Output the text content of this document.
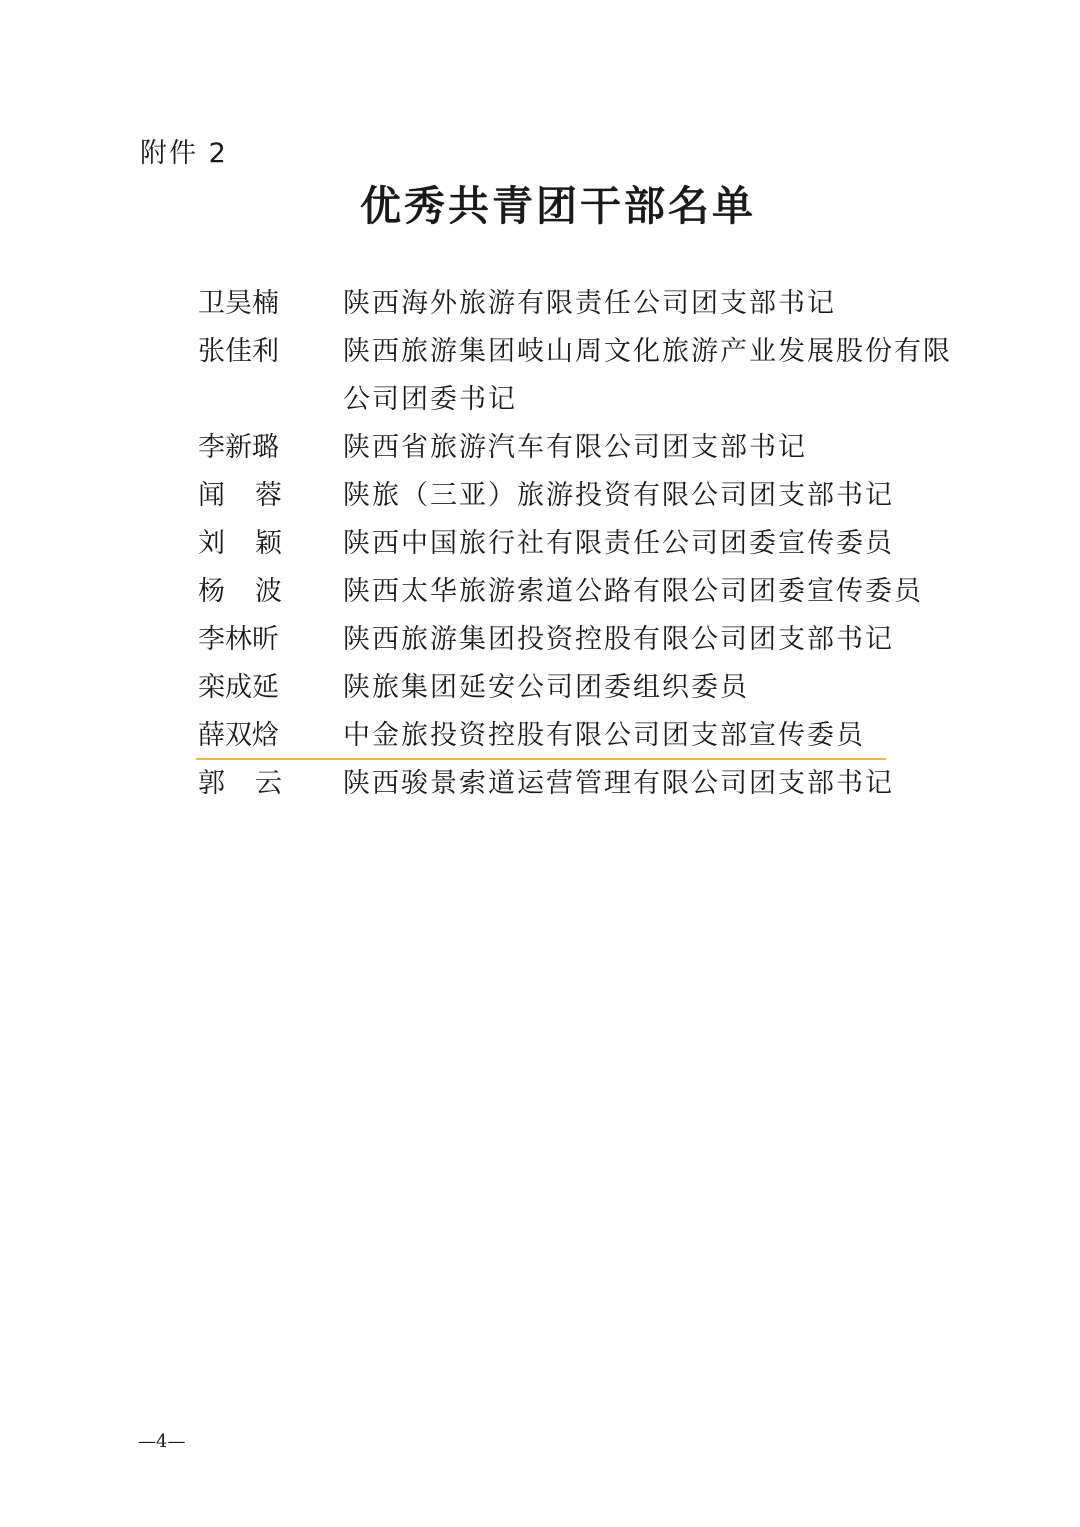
附件 2
优秀共青团干部名单
卫昊楠	陕西海外旅游有限责任公司团支部书记
张佳利	陕西旅游集团岐山周文化旅游产业发展股份有限公司团委书记
李新璐	陕西省旅游汽车有限公司团支部书记
闻蓉	陕旅（三亚）旅游投资有限公司团支部书记
刘颖	陕西中国旅行社有限责任公司团委宣传委员
杨波	陕西太华旅游索道公路有限公司团委宣传委员
李林昕	陕西旅游集团投资控股有限公司团支部书记
栾成延	陕旅集团延安公司团委组织委员
薛双焓	中金旅投资控股有限公司团支部宣传委员
郭云	陕西骏景索道运营管理有限公司团支部书记
—4—
